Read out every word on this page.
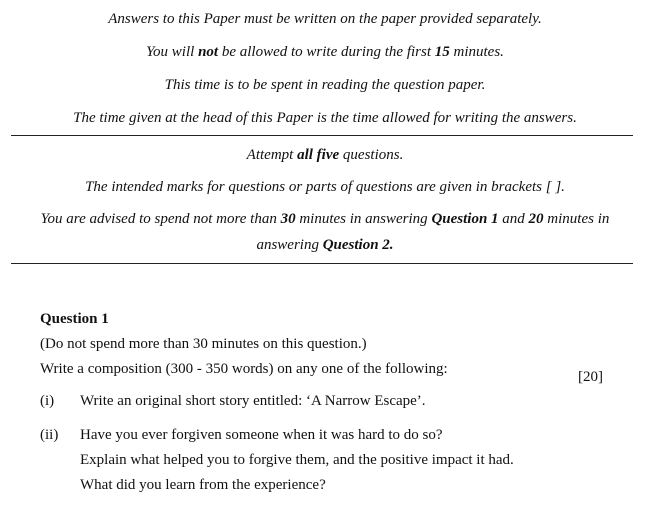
Answers to this Paper must be written on the paper provided separately.
You will not be allowed to write during the first 15 minutes.
This time is to be spent in reading the question paper.
The time given at the head of this Paper is the time allowed for writing the answers.
Attempt all five questions.
The intended marks for questions or parts of questions are given in brackets [ ].
You are advised to spend not more than 30 minutes in answering Question 1 and 20 minutes in
answering Question 2.
Question 1
(Do not spend more than 30 minutes on this question.)
Write a composition (300 - 350 words) on any one of the following:	[20]
(i) Write an original short story entitled: ‘A Narrow Escape’.
(ii) Have you ever forgiven someone when it was hard to do so?
Explain what helped you to forgive them, and the positive impact it had.
What did you learn from the experience?
